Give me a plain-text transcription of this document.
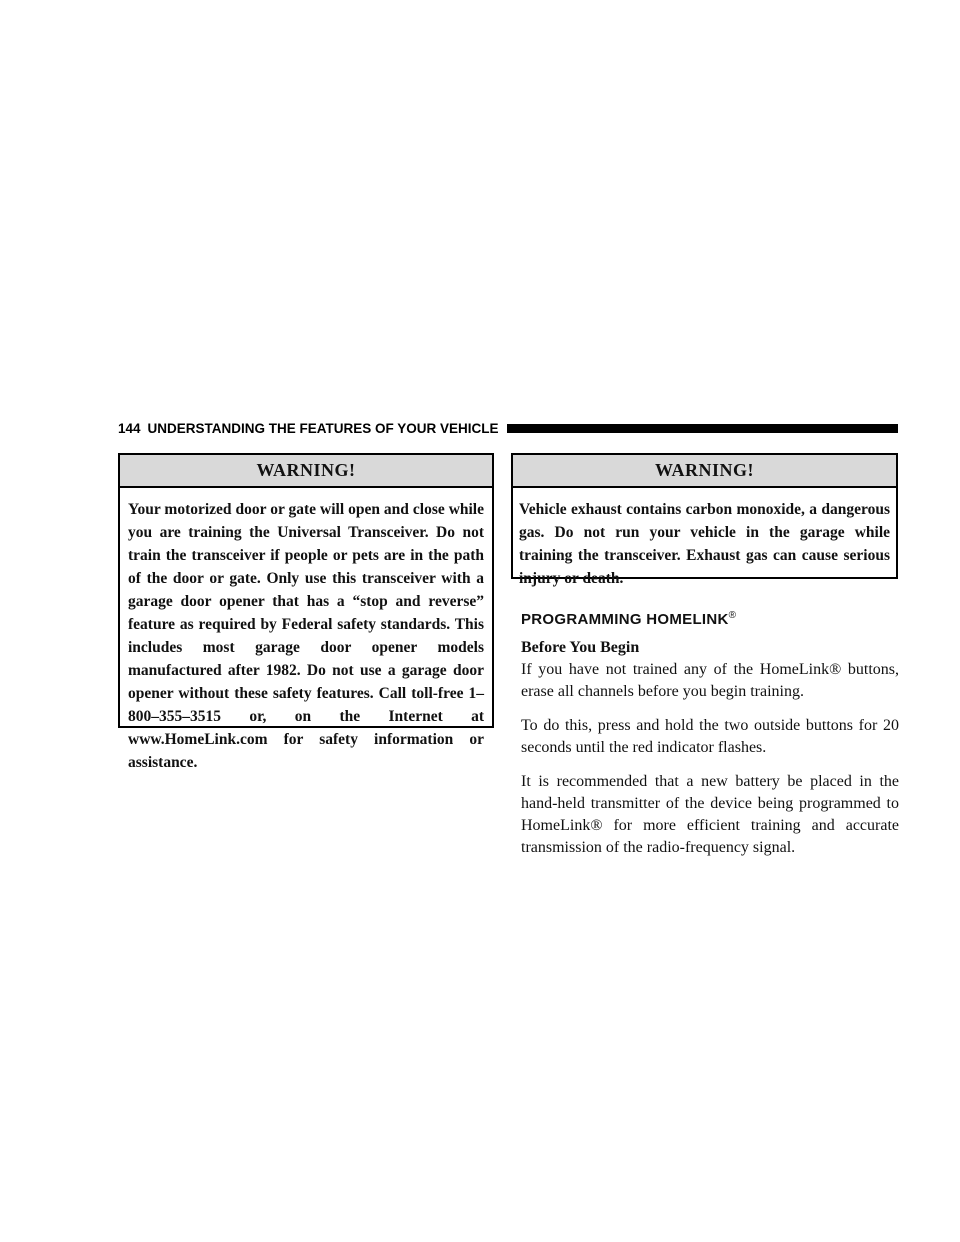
144 UNDERSTANDING THE FEATURES OF YOUR VEHICLE
WARNING!
Your motorized door or gate will open and close while you are training the Universal Transceiver. Do not train the transceiver if people or pets are in the path of the door or gate. Only use this transceiver with a garage door opener that has a “stop and reverse” feature as required by Federal safety standards. This includes most garage door opener models manufactured after 1982. Do not use a garage door opener without these safety features. Call toll-free 1–800–355–3515 or, on the Internet at www.HomeLink.com for safety information or assistance.
WARNING!
Vehicle exhaust contains carbon monoxide, a dangerous gas. Do not run your vehicle in the garage while training the transceiver. Exhaust gas can cause serious injury or death.
PROGRAMMING HOMELINK®
Before You Begin

If you have not trained any of the HomeLink® buttons, erase all channels before you begin training.

To do this, press and hold the two outside buttons for 20 seconds until the red indicator flashes.

It is recommended that a new battery be placed in the hand-held transmitter of the device being programmed to HomeLink® for more efficient training and accurate transmission of the radio-frequency signal.
